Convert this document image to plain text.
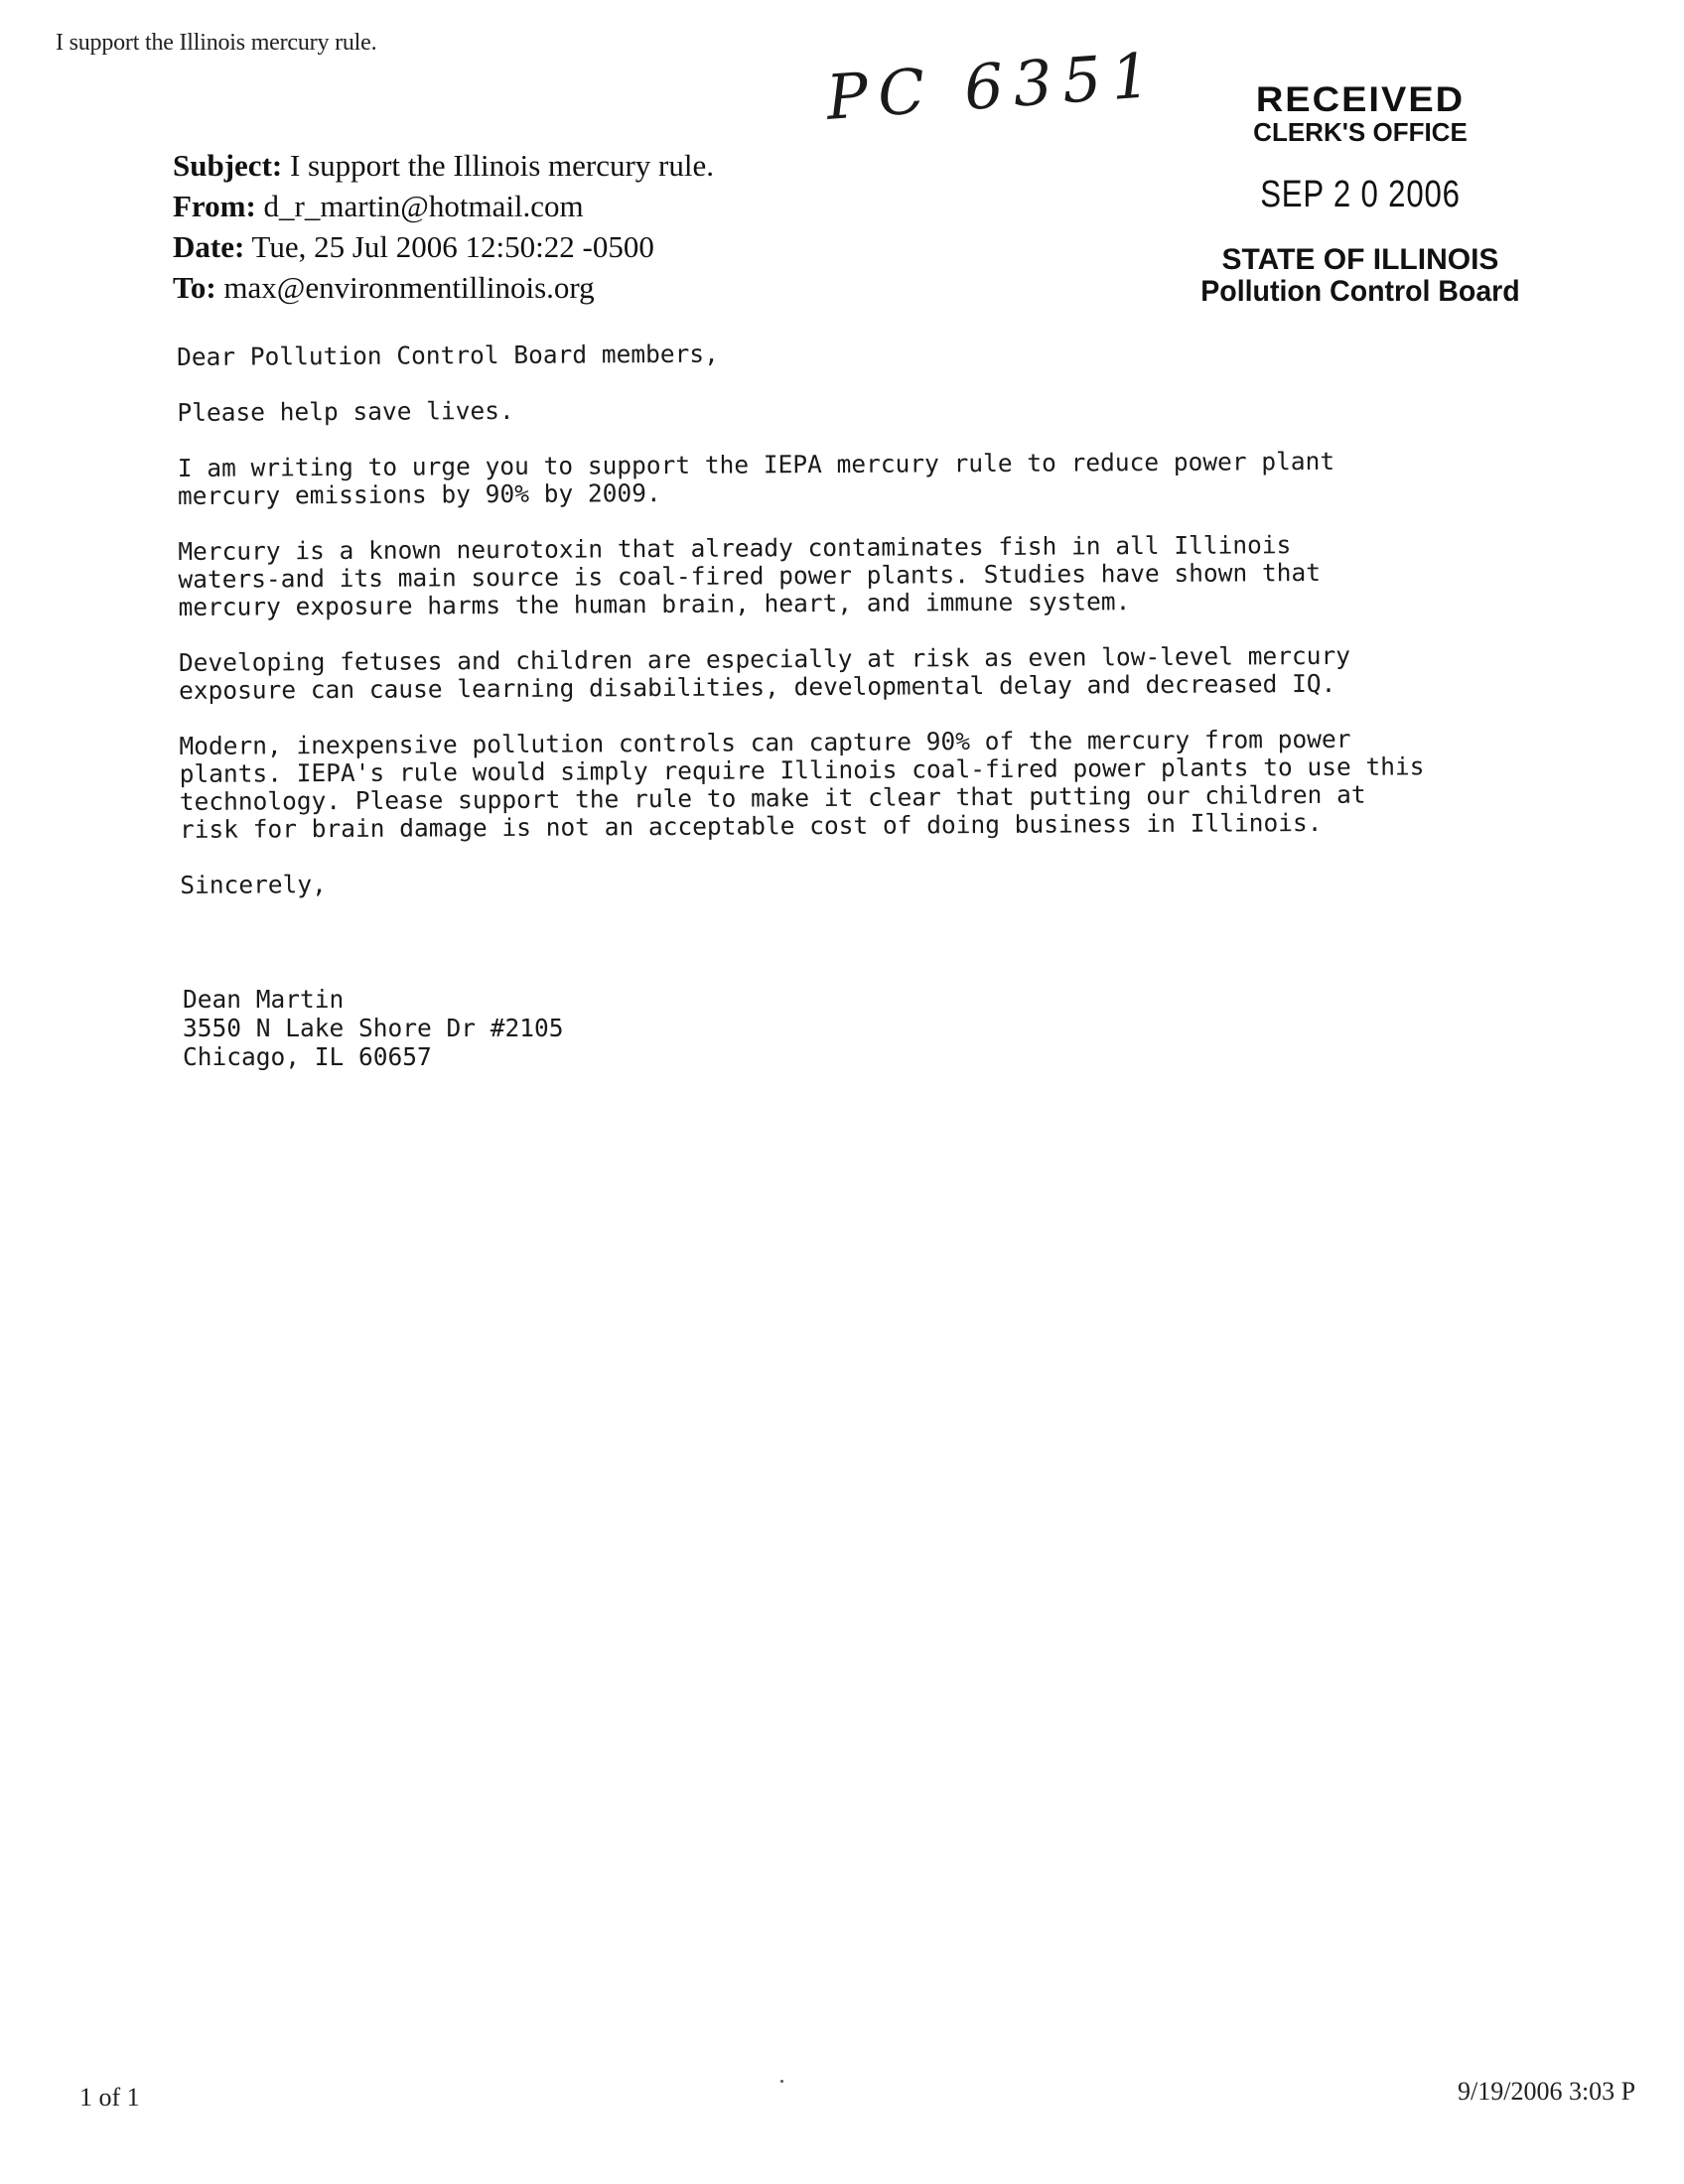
I support the Illinois mercury rule.	PC 6351	RECEIVED
CLERK'S OFFICE
SEP 2 0 2006
STATE OF ILLINOIS
Pollution Control Board
Subject: I support the Illinois mercury rule.
From: d_r_martin@hotmail.com
Date: Tue, 25 Jul 2006 12:50:22 -0500
To: max@environmentillinois.org

Dear Pollution Control Board members,

Please help save lives.

I am writing to urge you to support the IEPA mercury rule to reduce power plant
mercury emissions by 90% by 2009.

Mercury is a known neurotoxin that already contaminates fish in all Illinois
waters-and its main source is coal-fired power plants. Studies have shown that
mercury exposure harms the human brain, heart, and immune system.

Developing fetuses and children are especially at risk as even low-level mercury
exposure can cause learning disabilities, developmental delay and decreased IQ.

Modern, inexpensive pollution controls can capture 90% of the mercury from power
plants. IEPA's rule would simply require Illinois coal-fired power plants to use this
technology. Please support the rule to make it clear that putting our children at
risk for brain damage is not an acceptable cost of doing business in Illinois.

Sincerely,

Dean Martin
3550 N Lake Shore Dr #2105
Chicago, IL 60657
1 of 1	9/19/2006 3:03 P
